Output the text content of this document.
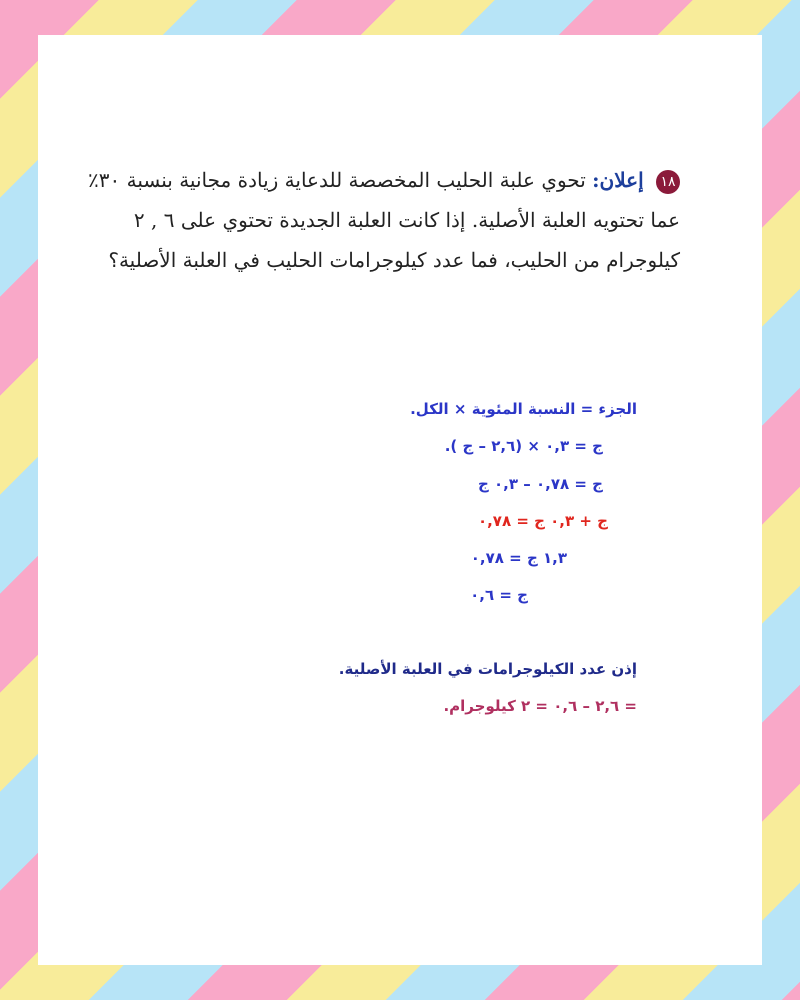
١٨ إعلان: تحوي علبة الحليب المخصصة للدعاية زيادة مجانية بنسبة ٣٠٪ عما تحتويه العلبة الأصلية. إذا كانت العلبة الجديدة تحتوي على ٦ , ٢ كيلوجرام من الحليب، فما عدد كيلوجرامات الحليب في العلبة الأصلية؟
الجزء = النسبة المئوية × الكل.
ج = ٠,٣ × (٢,٦ – ج ).
ج = ٠,٧٨ – ٠,٣ ج
ج + ٠,٣ ج = ٠,٧٨
١,٣ ج = ٠,٧٨
ج = ٠,٦
إذن عدد الكيلوجرامات في العلبة الأصلية.
= ٢,٦ – ٠,٦ = ٢ كيلوجرام.
